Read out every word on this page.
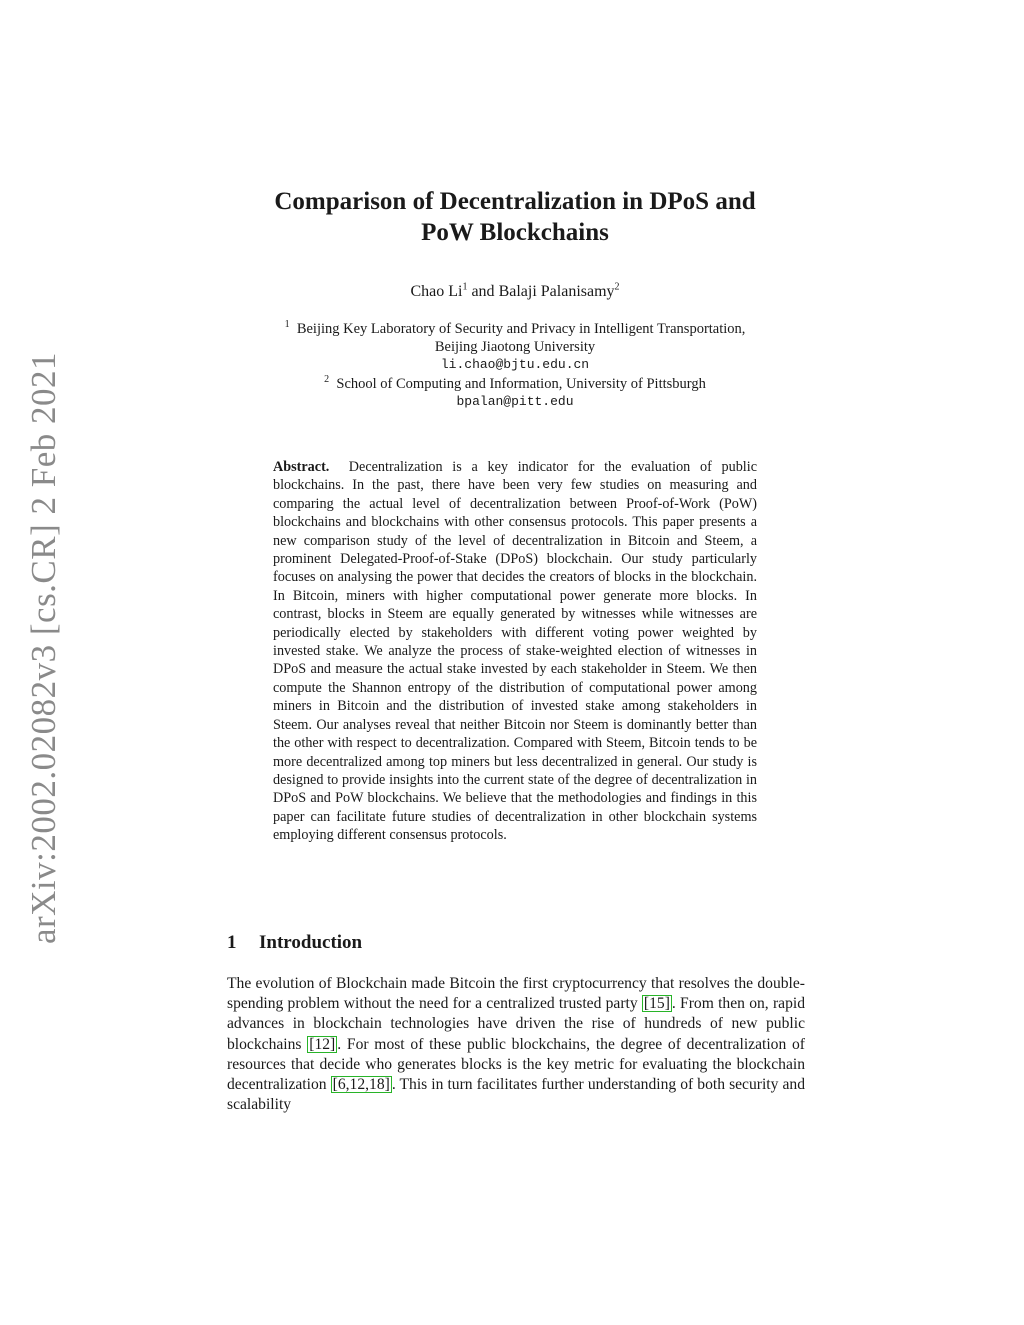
arXiv:2002.02082v3 [cs.CR] 2 Feb 2021
Comparison of Decentralization in DPoS and
PoW Blockchains
Chao Li$^1$ and Balaji Palanisamy$^2$
$^1$ Beijing Key Laboratory of Security and Privacy in Intelligent Transportation,
Beijing Jiaotong University
li.chao@bjtu.edu.cn
$^2$ School of Computing and Information, University of Pittsburgh
bpalan@pitt.edu
Abstract. Decentralization is a key indicator for the evaluation of public blockchains. In the past, there have been very few studies on measuring and comparing the actual level of decentralization between Proof-of-Work (PoW) blockchains and blockchains with other consensus protocols. This paper presents a new comparison study of the level of decentralization in Bitcoin and Steem, a prominent Delegated-Proof-of-Stake (DPoS) blockchain. Our study particularly focuses on analysing the power that decides the creators of blocks in the blockchain. In Bitcoin, miners with higher computational power generate more blocks. In contrast, blocks in Steem are equally generated by witnesses while witnesses are periodically elected by stakeholders with different voting power weighted by invested stake. We analyze the process of stake-weighted election of witnesses in DPoS and measure the actual stake invested by each stakeholder in Steem. We then compute the Shannon entropy of the distribution of computational power among miners in Bitcoin and the distribution of invested stake among stakeholders in Steem. Our analyses reveal that neither Bitcoin nor Steem is dominantly better than the other with respect to decentralization. Compared with Steem, Bitcoin tends to be more decentralized among top miners but less decentralized in general. Our study is designed to provide insights into the current state of the degree of decentralization in DPoS and PoW blockchains. We believe that the methodologies and findings in this paper can facilitate future studies of decentralization in other blockchain systems employing different consensus protocols.
1 Introduction
The evolution of Blockchain made Bitcoin the first cryptocurrency that resolves the double-spending problem without the need for a centralized trusted party [15] . From then on, rapid advances in blockchain technologies have driven the rise of hundreds of new public blockchains [12] . For most of these public blockchains, the degree of decentralization of resources that decide who generates blocks is the key metric for evaluating the blockchain decentralization [6,12,18] . This in turn facilitates further understanding of both security and scalability
